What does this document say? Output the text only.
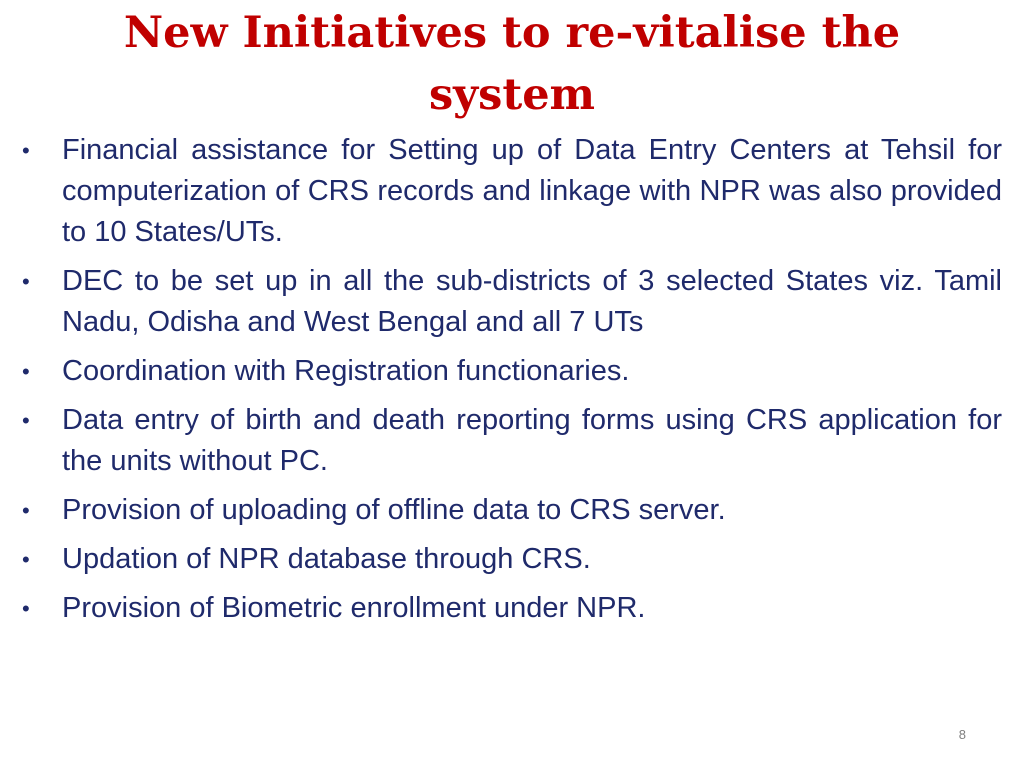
New Initiatives to re-vitalise the
system
•	Financial assistance for Setting up of Data Entry Centers at Tehsil for computerization of CRS records and linkage with NPR was also provided to 10 States/UTs.
•	DEC to be set up in all the sub-districts of 3 selected States viz. Tamil Nadu, Odisha and West Bengal and all 7 UTs
•	Coordination with Registration functionaries.
•	Data entry of birth and death reporting forms using CRS application for the units without PC.
•	Provision of uploading of offline data to CRS server.
•	Updation of NPR database through CRS.
•	Provision of Biometric enrollment under NPR.
8
